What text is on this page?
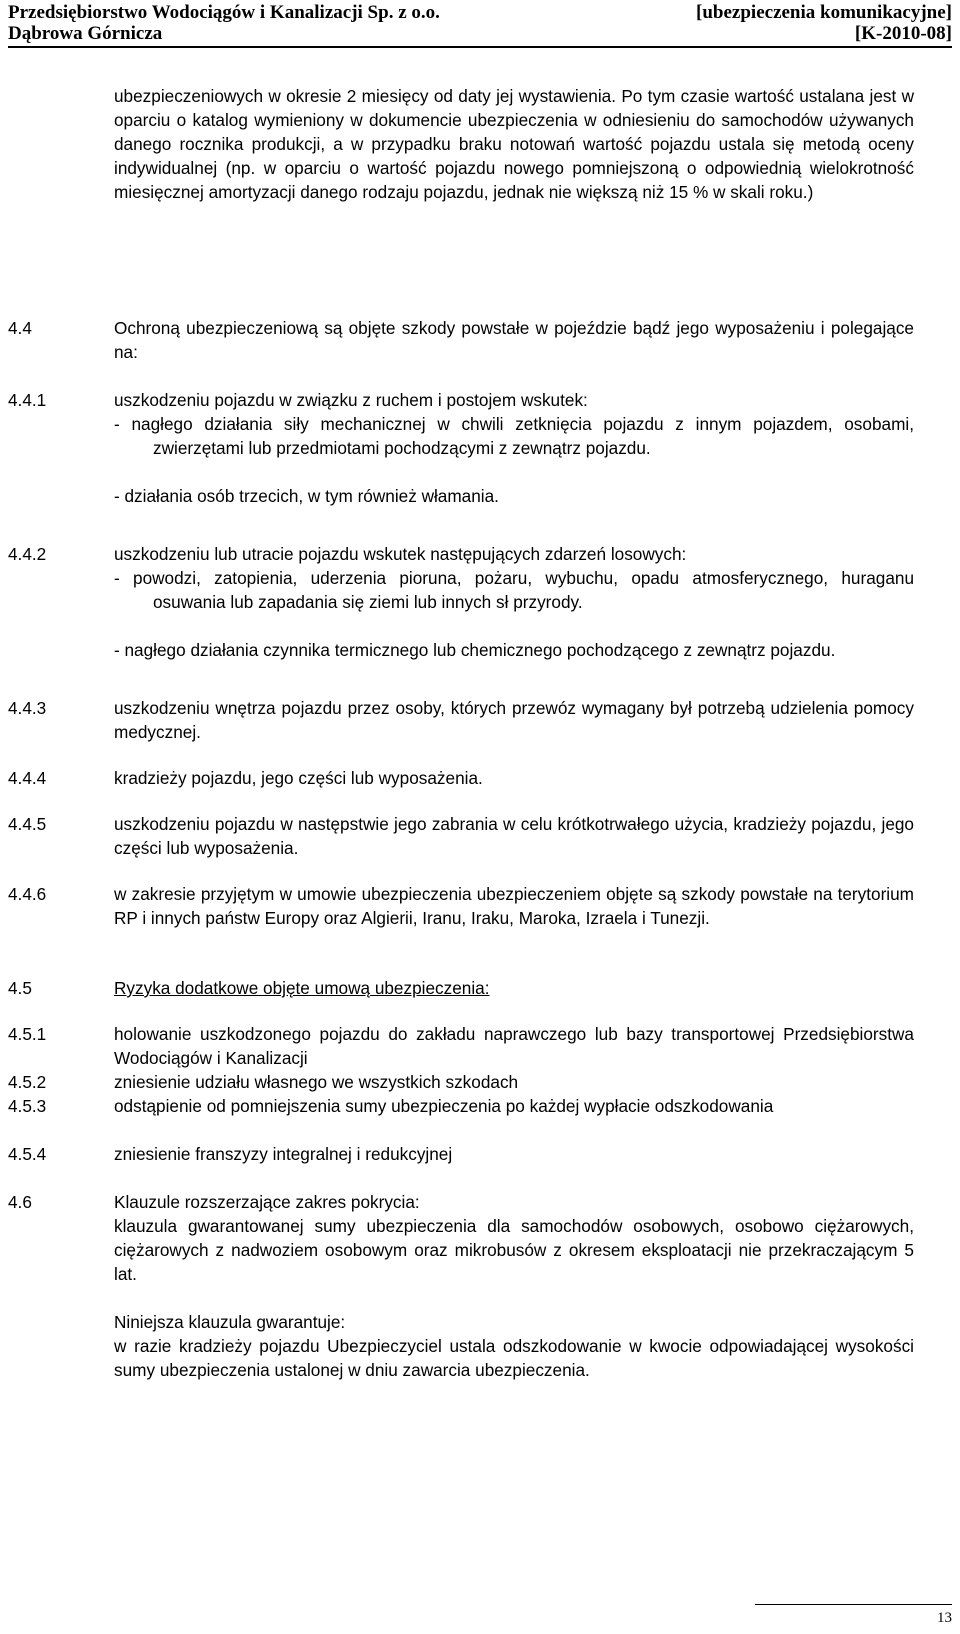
Przedsiębiorstwo Wodociągów i Kanalizacji Sp. z o.o.
Dąbrowa Górnicza
[ubezpieczenia komunikacyjne]
[K-2010-08]
ubezpieczeniowych w okresie 2 miesięcy od daty jej wystawienia. Po tym czasie wartość ustalana jest w oparciu o katalog wymieniony w dokumencie ubezpieczenia w odniesieniu do samochodów używanych danego rocznika produkcji, a w przypadku braku notowań wartość pojazdu ustala się metodą oceny indywidualnej (np. w oparciu o wartość pojazdu nowego pomniejszoną o odpowiednią wielokrotność miesięcznej amortyzacji danego rodzaju pojazdu, jednak nie większą niż 15 % w skali roku.)
4.4	Ochroną ubezpieczeniową są objęte szkody powstałe w pojeździe bądź jego wyposażeniu i polegające na:
4.4.1	uszkodzeniu pojazdu w związku z ruchem i postojem wskutek:
- nagłego działania siły mechanicznej w chwili zetknięcia pojazdu z innym pojazdem, osobami, zwierzętami lub przedmiotami pochodzącymi z zewnątrz pojazdu.
- działania osób trzecich, w tym również włamania.
4.4.2	uszkodzeniu lub utracie pojazdu wskutek następujących zdarzeń losowych:
- powodzi, zatopienia, uderzenia pioruna, pożaru, wybuchu, opadu atmosferycznego, huraganu osuwania lub zapadania się ziemi lub innych sł przyrody.
- nagłego działania czynnika termicznego lub chemicznego pochodzącego z zewnątrz pojazdu.
4.4.3	uszkodzeniu wnętrza pojazdu przez osoby, których przewóz wymagany był potrzebą udzielenia pomocy medycznej.
4.4.4	kradzieży pojazdu, jego części lub wyposażenia.
4.4.5	uszkodzeniu pojazdu w następstwie jego zabrania w celu krótkotrwałego użycia, kradzieży pojazdu, jego części lub wyposażenia.
4.4.6	w zakresie przyjętym w umowie ubezpieczenia ubezpieczeniem objęte są szkody powstałe na terytorium RP i innych państw Europy oraz Algierii, Iranu, Iraku, Maroka, Izraela i Tunezji.
4.5	Ryzyka dodatkowe objęte umową ubezpieczenia:
4.5.1	holowanie uszkodzonego pojazdu do zakładu naprawczego lub bazy transportowej Przedsiębiorstwa Wodociągów i Kanalizacji
4.5.2	zniesienie udziału własnego we wszystkich szkodach
4.5.3	odstąpienie od pomniejszenia sumy ubezpieczenia po każdej wypłacie odszkodowania
4.5.4	zniesienie franszyzy integralnej i redukcyjnej
4.6	Klauzule rozszerzające zakres pokrycia:
klauzula gwarantowanej sumy ubezpieczenia dla samochodów osobowych, osobowo ciężarowych, ciężarowych z nadwoziem osobowym oraz mikrobusów z okresem eksploatacji nie przekraczającym 5 lat.
Niniejsza klauzula gwarantuje:
w razie kradzieży pojazdu Ubezpieczyciel ustala odszkodowanie w kwocie odpowiadającej wysokości sumy ubezpieczenia ustalonej w dniu zawarcia ubezpieczenia.
13
